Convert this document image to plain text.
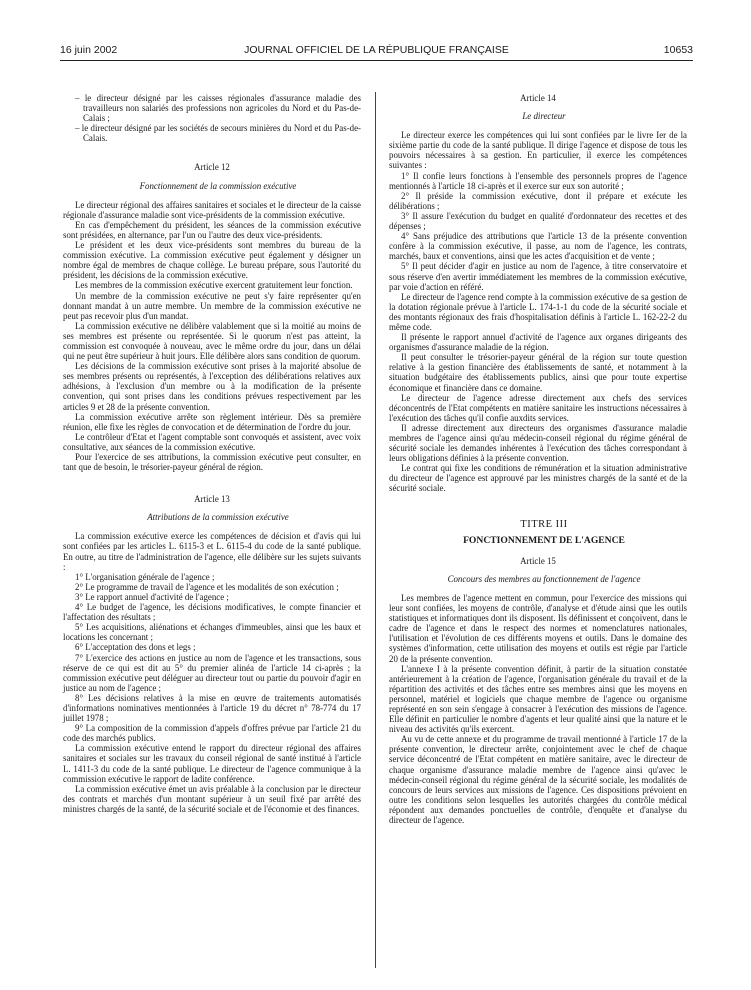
16 juin 2002	JOURNAL OFFICIEL DE LA RÉPUBLIQUE FRANÇAISE	10653

– le directeur désigné par les caisses régionales d'assurance maladie des travailleurs non salariés des professions non agricoles du Nord et du Pas-de-Calais ;

– le directeur désigné par les sociétés de secours minières du Nord et du Pas-de-Calais.

Article 12

Fonctionnement de la commission exécutive

Le directeur régional des affaires sanitaires et sociales et le directeur de la caisse régionale d'assurance maladie sont vice-présidents de la commission exécutive.

En cas d'empêchement du président, les séances de la commission exécutive sont présidées, en alternance, par l'un ou l'autre des deux vice-présidents.

Le président et les deux vice-présidents sont membres du bureau de la commission exécutive. La commission exécutive peut également y désigner un nombre égal de membres de chaque collège. Le bureau prépare, sous l'autorité du président, les décisions de la commission exécutive.

Les membres de la commission exécutive exercent gratuitement leur fonction.

Un membre de la commission exécutive ne peut s'y faire représenter qu'en donnant mandat à un autre membre. Un membre de la commission exécutive ne peut pas recevoir plus d'un mandat.

La commission exécutive ne délibère valablement que si la moitié au moins de ses membres est présente ou représentée. Si le quorum n'est pas atteint, la commission est convoquée à nouveau, avec le même ordre du jour, dans un délai qui ne peut être supérieur à huit jours. Elle délibère alors sans condition de quorum.

Les décisions de la commission exécutive sont prises à la majorité absolue de ses membres présents ou représentés, à l'exception des délibérations relatives aux adhésions, à l'exclusion d'un membre ou à la modification de la présente convention, qui sont prises dans les conditions prévues respectivement par les articles 9 et 28 de la présente convention.

La commission exécutive arrête son règlement intérieur. Dès sa première réunion, elle fixe les règles de convocation et de détermination de l'ordre du jour.

Le contrôleur d'Etat et l'agent comptable sont convoqués et assistent, avec voix consultative, aux séances de la commission exécutive.

Pour l'exercice de ses attributions, la commission exécutive peut consulter, en tant que de besoin, le trésorier-payeur général de région.

Article 13

Attributions de la commission exécutive

La commission exécutive exerce les compétences de décision et d'avis qui lui sont confiées par les articles L. 6115-3 et L. 6115-4 du code de la santé publique. En outre, au titre de l'administration de l'agence, elle délibère sur les sujets suivants :

1° L'organisation générale de l'agence ;

2° Le programme de travail de l'agence et les modalités de son exécution ;

3° Le rapport annuel d'activité de l'agence ;

4° Le budget de l'agence, les décisions modificatives, le compte financier et l'affectation des résultats ;

5° Les acquisitions, aliénations et échanges d'immeubles, ainsi que les baux et locations les concernant ;

6° L'acceptation des dons et legs ;

7° L'exercice des actions en justice au nom de l'agence et les transactions, sous réserve de ce qui est dit au 5° du premier alinéa de l'article 14 ci-après ; la commission exécutive peut déléguer au directeur tout ou partie du pouvoir d'agir en justice au nom de l'agence ;

8° Les décisions relatives à la mise en œuvre de traitements automatisés d'informations nominatives mentionnées à l'article 19 du décret n° 78-774 du 17 juillet 1978 ;

9° La composition de la commission d'appels d'offres prévue par l'article 21 du code des marchés publics.

La commission exécutive entend le rapport du directeur régional des affaires sanitaires et sociales sur les travaux du conseil régional de santé institué à l'article L. 1411-3 du code de la santé publique. Le directeur de l'agence communique à la commission exécutive le rapport de ladite conférence.

La commission exécutive émet un avis préalable à la conclusion par le directeur des contrats et marchés d'un montant supérieur à un seuil fixé par arrêté des ministres chargés de la santé, de la sécurité sociale et de l'économie et des finances.

Article 14

Le directeur

Le directeur exerce les compétences qui lui sont confiées par le livre Ier de la sixième partie du code de la santé publique. Il dirige l'agence et dispose de tous les pouvoirs nécessaires à sa gestion. En particulier, il exerce les compétences suivantes :

1° Il confie leurs fonctions à l'ensemble des personnels propres de l'agence mentionnés à l'article 18 ci-après et il exerce sur eux son autorité ;

2° Il préside la commission exécutive, dont il prépare et exécute les délibérations ;

3° Il assure l'exécution du budget en qualité d'ordonnateur des recettes et des dépenses ;

4° Sans préjudice des attributions que l'article 13 de la présente convention confère à la commission exécutive, il passe, au nom de l'agence, les contrats, marchés, baux et conventions, ainsi que les actes d'acquisition et de vente ;

5° Il peut décider d'agir en justice au nom de l'agence, à titre conservatoire et sous réserve d'en avertir immédiatement les membres de la commission exécutive, par voie d'action en référé.

Le directeur de l'agence rend compte à la commission exécutive de sa gestion de la dotation régionale prévue à l'article L. 174-1-1 du code de la sécurité sociale et des montants régionaux des frais d'hospitalisation définis à l'article L. 162-22-2 du même code.

Il présente le rapport annuel d'activité de l'agence aux organes dirigeants des organismes d'assurance maladie de la région.

Il peut consulter le trésorier-payeur général de la région sur toute question relative à la gestion financière des établissements de santé, et notamment à la situation budgétaire des établissements publics, ainsi que pour toute expertise économique et financière dans ce domaine.

Le directeur de l'agence adresse directement aux chefs des services déconcentrés de l'Etat compétents en matière sanitaire les instructions nécessaires à l'exécution des tâches qu'il confie auxdits services.

Il adresse directement aux directeurs des organismes d'assurance maladie membres de l'agence ainsi qu'au médecin-conseil régional du régime général de sécurité sociale les demandes inhérentes à l'exécution des tâches correspondant à leurs obligations définies à la présente convention.

Le contrat qui fixe les conditions de rémunération et la situation administrative du directeur de l'agence est approuvé par les ministres chargés de la santé et de la sécurité sociale.

TITRE III

FONCTIONNEMENT DE L'AGENCE

Article 15

Concours des membres au fonctionnement de l'agence

Les membres de l'agence mettent en commun, pour l'exercice des missions qui leur sont confiées, les moyens de contrôle, d'analyse et d'étude ainsi que les outils statistiques et informatiques dont ils disposent. Ils définissent et conçoivent, dans le cadre de l'agence et dans le respect des normes et nomenclatures nationales, l'utilisation et l'évolution de ces différents moyens et outils. Dans le domaine des systèmes d'information, cette utilisation des moyens et outils est régie par l'article 20 de la présente convention.

L'annexe I à la présente convention définit, à partir de la situation constatée antérieurement à la création de l'agence, l'organisation générale du travail et de la répartition des activités et des tâches entre ses membres ainsi que les moyens en personnel, matériel et logiciels que chaque membre de l'agence ou organisme représenté en son sein s'engage à consacrer à l'exécution des missions de l'agence. Elle définit en particulier le nombre d'agents et leur qualité ainsi que la nature et le niveau des activités qu'ils exercent.

Au vu de cette annexe et du programme de travail mentionné à l'article 17 de la présente convention, le directeur arrête, conjointement avec le chef de chaque service déconcentré de l'Etat compétent en matière sanitaire, avec le directeur de chaque organisme d'assurance maladie membre de l'agence ainsi qu'avec le médecin-conseil régional du régime général de la sécurité sociale, les modalités de concours de leurs services aux missions de l'agence. Ces dispositions prévoient en outre les conditions selon lesquelles les autorités chargées du contrôle médical répondent aux demandes ponctuelles de contrôle, d'enquête et d'analyse du directeur de l'agence.
